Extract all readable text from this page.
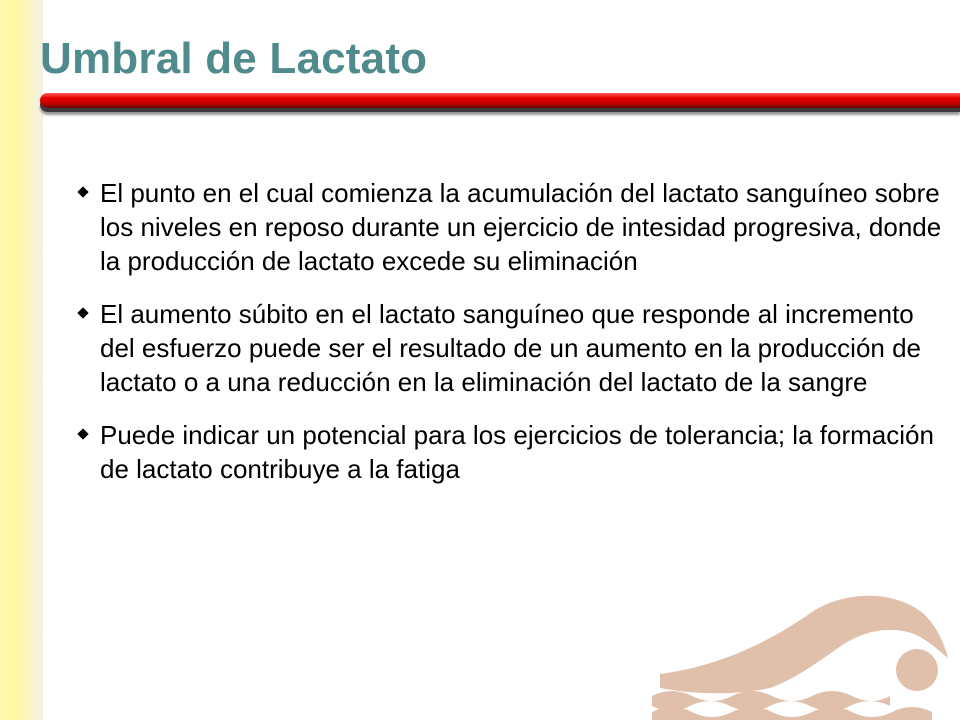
Umbral de Lactato
El punto en el cual comienza la acumulación del lactato sanguíneo sobre los niveles en reposo durante un ejercicio de intesidad progresiva, donde la producción de lactato excede su eliminación
El aumento súbito en el lactato sanguíneo que responde al incremento del esfuerzo puede ser el resultado de un aumento en la producción de lactato o a una reducción en la eliminación del lactato de la sangre
Puede indicar un potencial para los ejercicios de tolerancia; la formación de lactato contribuye a la fatiga
